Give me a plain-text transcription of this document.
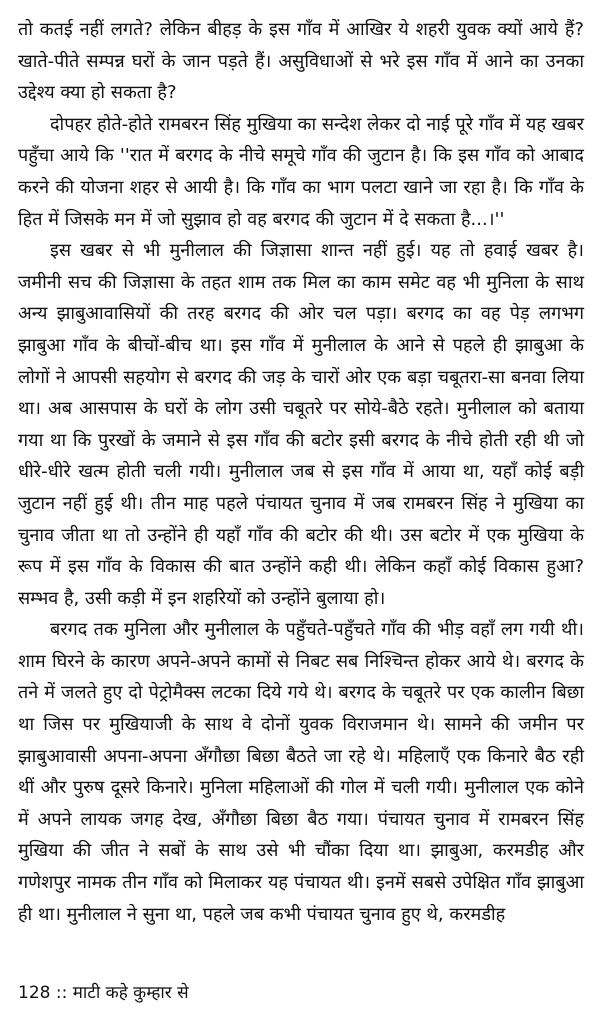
तो कतई नहीं लगते? लेकिन बीहड़ के इस गाँव में आखिर ये शहरी युवक क्यों आये हैं? खाते-पीते सम्पन्न घरों के जान पड़ते हैं। असुविधाओं से भरे इस गाँव में आने का उनका उद्देश्य क्या हो सकता है?

दोपहर होते-होते रामबरन सिंह मुखिया का सन्देश लेकर दो नाई पूरे गाँव में यह खबर पहुँचा आये कि ''रात में बरगद के नीचे समूचे गाँव की जुटान है। कि इस गाँव को आबाद करने की योजना शहर से आयी है। कि गाँव का भाग पलटा खाने जा रहा है। कि गाँव के हित में जिसके मन में जो सुझाव हो वह बरगद की जुटान में दे सकता है...।''

इस खबर से भी मुनीलाल की जिज्ञासा शान्त नहीं हुई। यह तो हवाई खबर है। जमीनी सच की जिज्ञासा के तहत शाम तक मिल का काम समेट वह भी मुनिला के साथ अन्य झाबुआवासियों की तरह बरगद की ओर चल पड़ा। बरगद का वह पेड़ लगभग झाबुआ गाँव के बीचों-बीच था। इस गाँव में मुनीलाल के आने से पहले ही झाबुआ के लोगों ने आपसी सहयोग से बरगद की जड़ के चारों ओर एक बड़ा चबूतरा-सा बनवा लिया था। अब आसपास के घरों के लोग उसी चबूतरे पर सोये-बैठे रहते। मुनीलाल को बताया गया था कि पुरखों के जमाने से इस गाँव की बटोर इसी बरगद के नीचे होती रही थी जो धीरे-धीरे खत्म होती चली गयी। मुनीलाल जब से इस गाँव में आया था, यहाँ कोई बड़ी जुटान नहीं हुई थी। तीन माह पहले पंचायत चुनाव में जब रामबरन सिंह ने मुखिया का चुनाव जीता था तो उन्होंने ही यहाँ गाँव की बटोर की थी। उस बटोर में एक मुखिया के रूप में इस गाँव के विकास की बात उन्होंने कही थी। लेकिन कहाँ कोई विकास हुआ? सम्भव है, उसी कड़ी में इन शहरियों को उन्होंने बुलाया हो।

बरगद तक मुनिला और मुनीलाल के पहुँचते-पहुँचते गाँव की भीड़ वहाँ लग गयी थी। शाम घिरने के कारण अपने-अपने कामों से निबट सब निश्चिन्त होकर आये थे। बरगद के तने में जलते हुए दो पेट्रोमैक्स लटका दिये गये थे। बरगद के चबूतरे पर एक कालीन बिछा था जिस पर मुखियाजी के साथ वे दोनों युवक विराजमान थे। सामने की जमीन पर झाबुआवासी अपना-अपना अँगौछा बिछा बैठते जा रहे थे। महिलाएँ एक किनारे बैठ रही थीं और पुरुष दूसरे किनारे। मुनिला महिलाओं की गोल में चली गयी। मुनीलाल एक कोने में अपने लायक जगह देख, अँगौछा बिछा बैठ गया। पंचायत चुनाव में रामबरन सिंह मुखिया की जीत ने सबों के साथ उसे भी चौंका दिया था। झाबुआ, करमडीह और गणेशपुर नामक तीन गाँव को मिलाकर यह पंचायत थी। इनमें सबसे उपेक्षित गाँव झाबुआ ही था। मुनीलाल ने सुना था, पहले जब कभी पंचायत चुनाव हुए थे, करमडीह

128 :: माटी कहे कुम्हार से
